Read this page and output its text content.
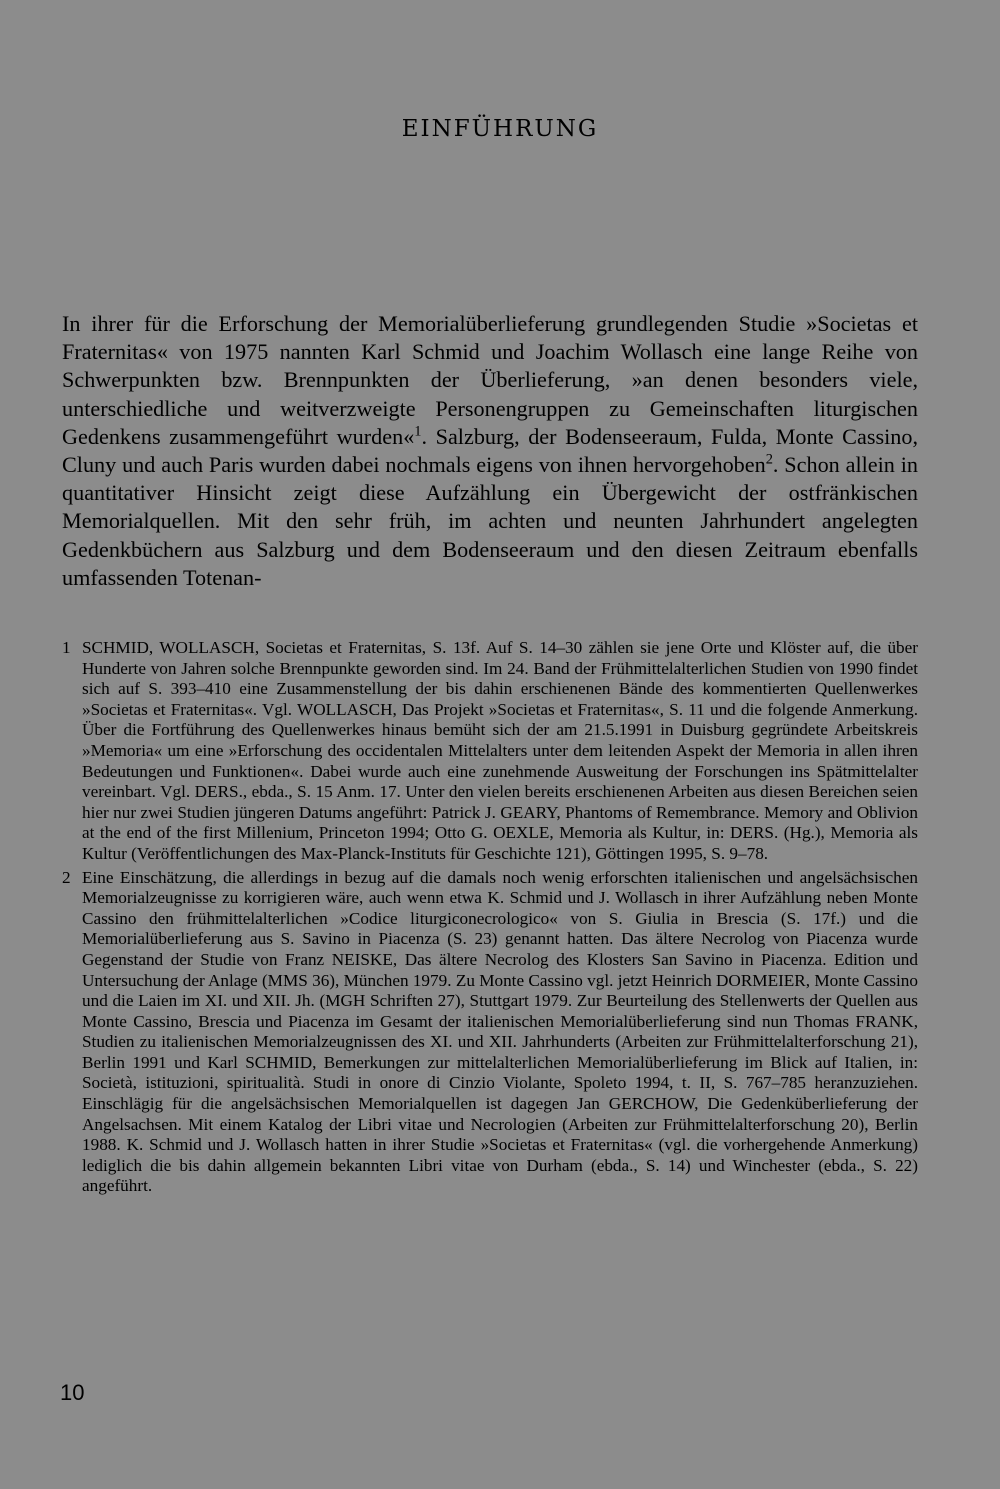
EINFÜHRUNG

In ihrer für die Erforschung der Memorialüberlieferung grundlegenden Studie »Societas et Fraternitas« von 1975 nannten Karl Schmid und Joachim Wollasch eine lange Reihe von Schwerpunkten bzw. Brennpunkten der Überlieferung, »an denen besonders viele, unterschiedliche und weitverzweigte Personengruppen zu Gemeinschaften liturgischen Gedenkens zusammengeführt wurden«$^1$. Salzburg, der Bodenseeraum, Fulda, Monte Cassino, Cluny und auch Paris wurden dabei nochmals eigens von ihnen hervorgehoben$^2$. Schon allein in quantitativer Hinsicht zeigt diese Aufzählung ein Übergewicht der ostfränkischen Memorialquellen. Mit den sehr früh, im achten und neunten Jahrhundert angelegten Gedenkbüchern aus Salzburg und dem Bodenseeraum und den diesen Zeitraum ebenfalls umfassenden Totenan-

1 SCHMID, WOLLASCH, Societas et Fraternitas, S. 13f. Auf S. 14–30 zählen sie jene Orte und Klöster auf, die über Hunderte von Jahren solche Brennpunkte geworden sind. Im 24. Band der Frühmittelalterlichen Studien von 1990 findet sich auf S. 393–410 eine Zusammenstellung der bis dahin erschienenen Bände des kommentierten Quellenwerkes »Societas et Fraternitas«. Vgl. WOLLASCH, Das Projekt »Societas et Fraternitas«, S. 11 und die folgende Anmerkung. Über die Fortführung des Quellenwerkes hinaus bemüht sich der am 21.5.1991 in Duisburg gegründete Arbeitskreis »Memoria« um eine »Erforschung des occidentalen Mittelalters unter dem leitenden Aspekt der Memoria in allen ihren Bedeutungen und Funktionen«. Dabei wurde auch eine zunehmende Ausweitung der Forschungen ins Spätmittelalter vereinbart. Vgl. DERS., ebda., S. 15 Anm. 17. Unter den vielen bereits erschienenen Arbeiten aus diesen Bereichen seien hier nur zwei Studien jüngeren Datums angeführt: Patrick J. GEARY, Phantoms of Remembrance. Memory and Oblivion at the end of the first Millenium, Princeton 1994; Otto G. OEXLE, Memoria als Kultur, in: DERS. (Hg.), Memoria als Kultur (Veröffentlichungen des Max-Planck-Instituts für Geschichte 121), Göttingen 1995, S. 9–78.

2 Eine Einschätzung, die allerdings in bezug auf die damals noch wenig erforschten italienischen und angelsächsischen Memorialzeugnisse zu korrigieren wäre, auch wenn etwa K. Schmid und J. Wollasch in ihrer Aufzählung neben Monte Cassino den frühmittelalterlichen »Codice liturgiconecrologico« von S. Giulia in Brescia (S. 17f.) und die Memorialüberlieferung aus S. Savino in Piacenza (S. 23) genannt hatten. Das ältere Necrolog von Piacenza wurde Gegenstand der Studie von Franz NEISKE, Das ältere Necrolog des Klosters San Savino in Piacenza. Edition und Untersuchung der Anlage (MMS 36), München 1979. Zu Monte Cassino vgl. jetzt Heinrich DORMEIER, Monte Cassino und die Laien im XI. und XII. Jh. (MGH Schriften 27), Stuttgart 1979. Zur Beurteilung des Stellenwerts der Quellen aus Monte Cassino, Brescia und Piacenza im Gesamt der italienischen Memorialüberlieferung sind nun Thomas FRANK, Studien zu italienischen Memorialzeugnissen des XI. und XII. Jahrhunderts (Arbeiten zur Frühmittelalterforschung 21), Berlin 1991 und Karl SCHMID, Bemerkungen zur mittelalterlichen Memorialüberlieferung im Blick auf Italien, in: Società, istituzioni, spiritualità. Studi in onore di Cinzio Violante, Spoleto 1994, t. II, S. 767–785 heranzuziehen. Einschlägig für die angelsächsischen Memorialquellen ist dagegen Jan GERCHOW, Die Gedenküberlieferung der Angelsachsen. Mit einem Katalog der Libri vitae und Necrologien (Arbeiten zur Frühmittelalterforschung 20), Berlin 1988. K. Schmid und J. Wollasch hatten in ihrer Studie »Societas et Fraternitas« (vgl. die vorhergehende Anmerkung) lediglich die bis dahin allgemein bekannten Libri vitae von Durham (ebda., S. 14) und Winchester (ebda., S. 22) angeführt.

10
